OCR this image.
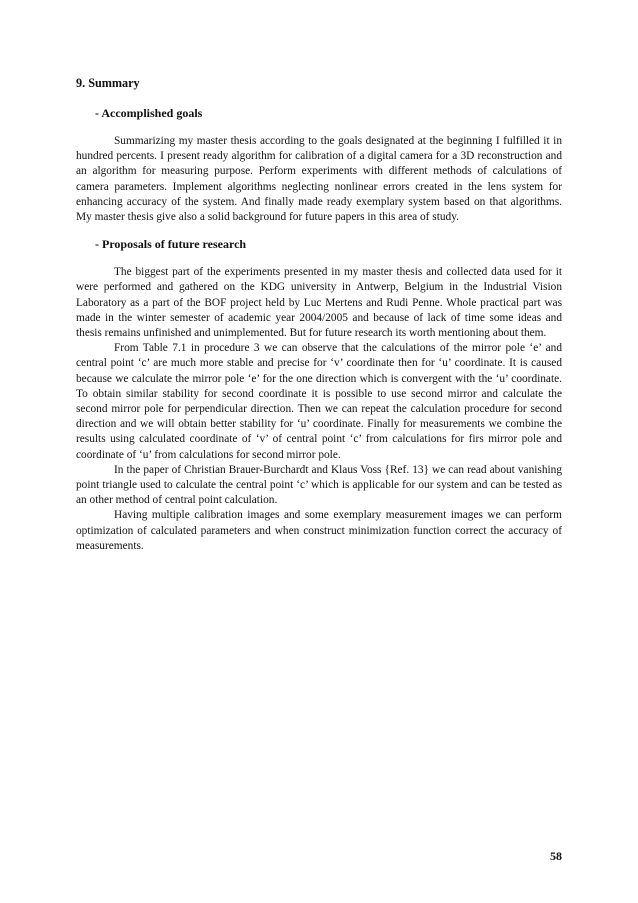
9. Summary
- Accomplished goals

Summarizing my master thesis according to the goals designated at the beginning I fulfilled it in hundred percents. I present ready algorithm for calibration of a digital camera for a 3D reconstruction and an algorithm for measuring purpose. Perform experiments with different methods of calculations of camera parameters. Implement algorithms neglecting nonlinear errors created in the lens system for enhancing accuracy of the system. And finally made ready exemplary system based on that algorithms. My master thesis give also a solid background for future papers in this area of study.

- Proposals of future research

The biggest part of the experiments presented in my master thesis and collected data used for it were performed and gathered on the KDG university in Antwerp, Belgium in the Industrial Vision Laboratory as a part of the BOF project held by Luc Mertens and Rudi Penne. Whole practical part was made in the winter semester of academic year 2004/2005 and because of lack of time some ideas and thesis remains unfinished and unimplemented. But for future research its worth mentioning about them.

From Table 7.1 in procedure 3 we can observe that the calculations of the mirror pole ‘e’ and central point ‘c’ are much more stable and precise for ‘v’ coordinate then for ‘u’ coordinate. It is caused because we calculate the mirror pole ‘e’ for the one direction which is convergent with the ‘u’ coordinate. To obtain similar stability for second coordinate it is possible to use second mirror and calculate the second mirror pole for perpendicular direction. Then we can repeat the calculation procedure for second direction and we will obtain better stability for ‘u’ coordinate. Finally for measurements we combine the results using calculated coordinate of ‘v’ of central point ‘c’ from calculations for firs mirror pole and coordinate of ‘u’ from calculations for second mirror pole.

In the paper of Christian Brauer-Burchardt and Klaus Voss {Ref. 13} we can read about vanishing point triangle used to calculate the central point ‘c’ which is applicable for our system and can be tested as an other method of central point calculation.

Having multiple calibration images and some exemplary measurement images we can perform optimization of calculated parameters and when construct minimization function correct the accuracy of measurements.

58
